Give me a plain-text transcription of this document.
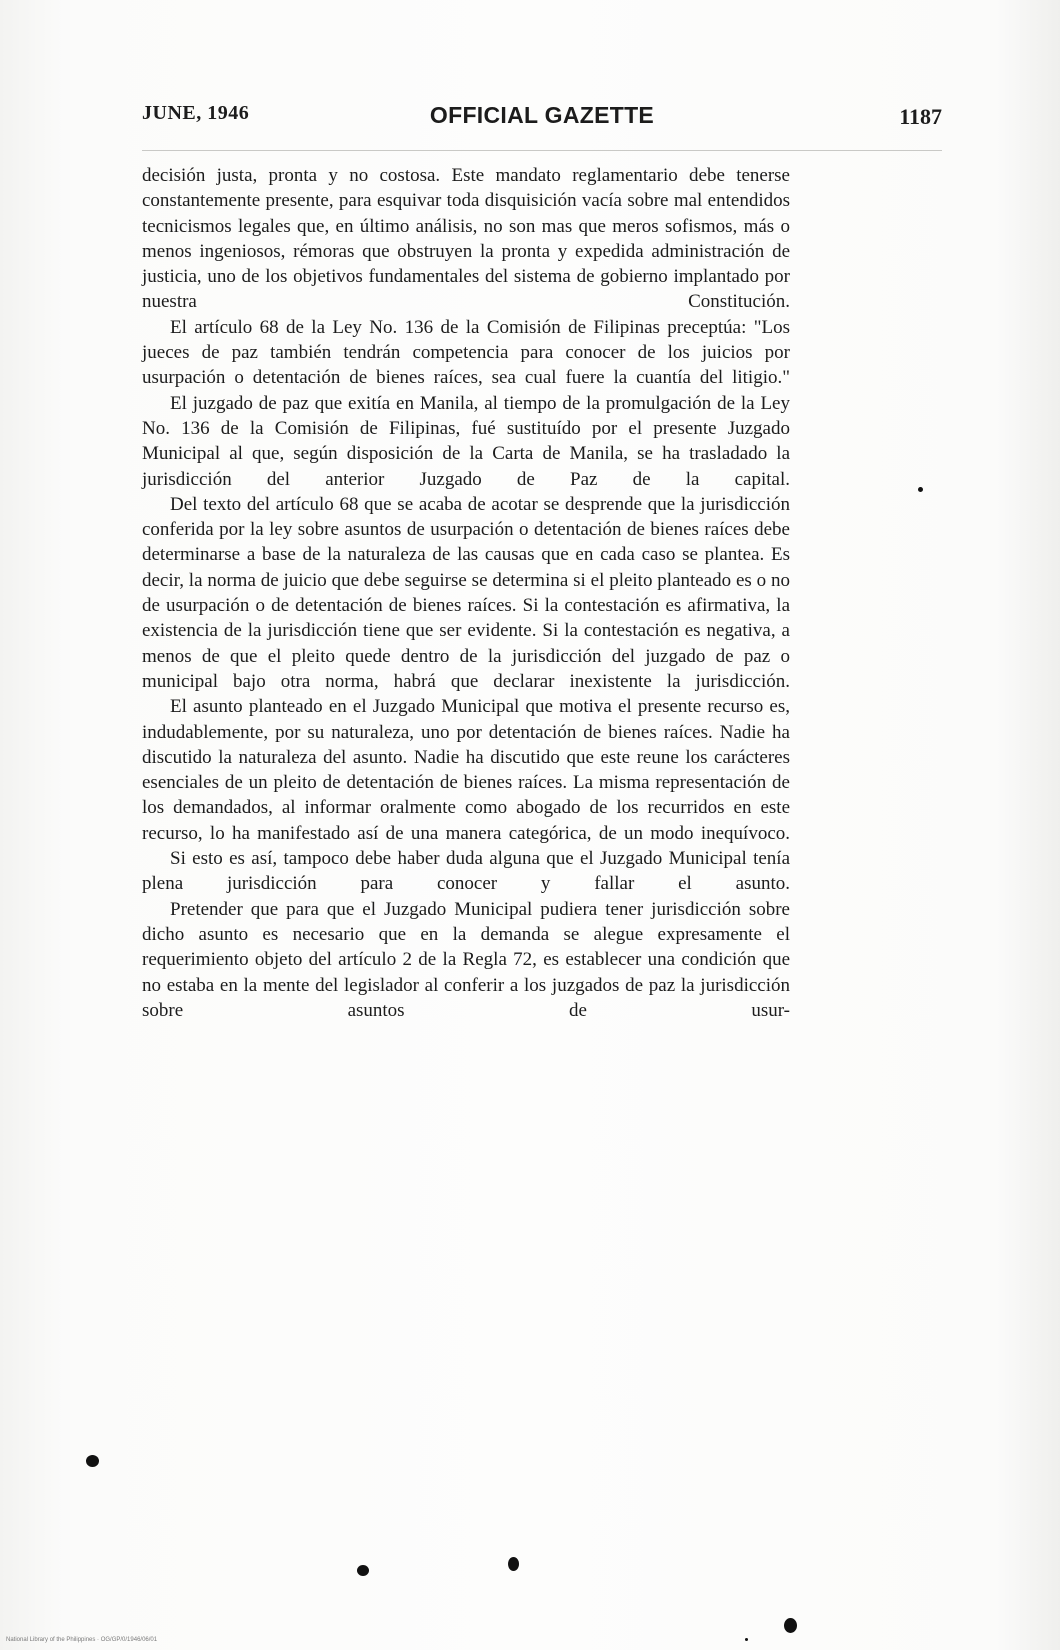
JUNE, 1946	OFFICIAL GAZETTE	1187

decisión justa, pronta y no costosa. Este mandato reglamentario debe tenerse constantemente presente, para esquivar toda disquisición vacía sobre mal entendidos tecnicismos legales que, en último análisis, no son mas que meros sofismos, más o menos ingeniosos, rémoras que obstruyen la pronta y expedida administración de justicia, uno de los objetivos fundamentales del sistema de gobierno implantado por nuestra Constitución.

El artículo 68 de la Ley No. 136 de la Comisión de Filipinas preceptúa: "Los jueces de paz también tendrán competencia para conocer de los juicios por usurpación o detentación de bienes raíces, sea cual fuere la cuantía del litigio."

El juzgado de paz que exitía en Manila, al tiempo de la promulgación de la Ley No. 136 de la Comisión de Filipinas, fué sustituído por el presente Juzgado Municipal al que, según disposición de la Carta de Manila, se ha trasladado la jurisdicción del anterior Juzgado de Paz de la capital.

Del texto del artículo 68 que se acaba de acotar se desprende que la jurisdicción conferida por la ley sobre asuntos de usurpación o detentación de bienes raíces debe determinarse a base de la naturaleza de las causas que en cada caso se plantea. Es decir, la norma de juicio que debe seguirse se determina si el pleito planteado es o no de usurpación o de detentación de bienes raíces. Si la contestación es afirmativa, la existencia de la jurisdicción tiene que ser evidente. Si la contestación es negativa, a menos de que el pleito quede dentro de la jurisdicción del juzgado de paz o municipal bajo otra norma, habrá que declarar inexistente la jurisdicción.

El asunto planteado en el Juzgado Municipal que motiva el presente recurso es, indudablemente, por su naturaleza, uno por detentación de bienes raíces. Nadie ha discutido la naturaleza del asunto. Nadie ha discutido que este reune los carácteres esenciales de un pleito de detentación de bienes raíces. La misma representación de los demandados, al informar oralmente como abogado de los recurridos en este recurso, lo ha manifestado así de una manera categórica, de un modo inequívoco.

Si esto es así, tampoco debe haber duda alguna que el Juzgado Municipal tenía plena jurisdicción para conocer y fallar el asunto.

Pretender que para que el Juzgado Municipal pudiera tener jurisdicción sobre dicho asunto es necesario que en la demanda se alegue expresamente el requerimiento objeto del artículo 2 de la Regla 72, es establecer una condición que no estaba en la mente del legislador al conferir a los juzgados de paz la jurisdicción sobre asuntos de usur-

National Library of the Philippines · OG/GP/0/1946/06/01
